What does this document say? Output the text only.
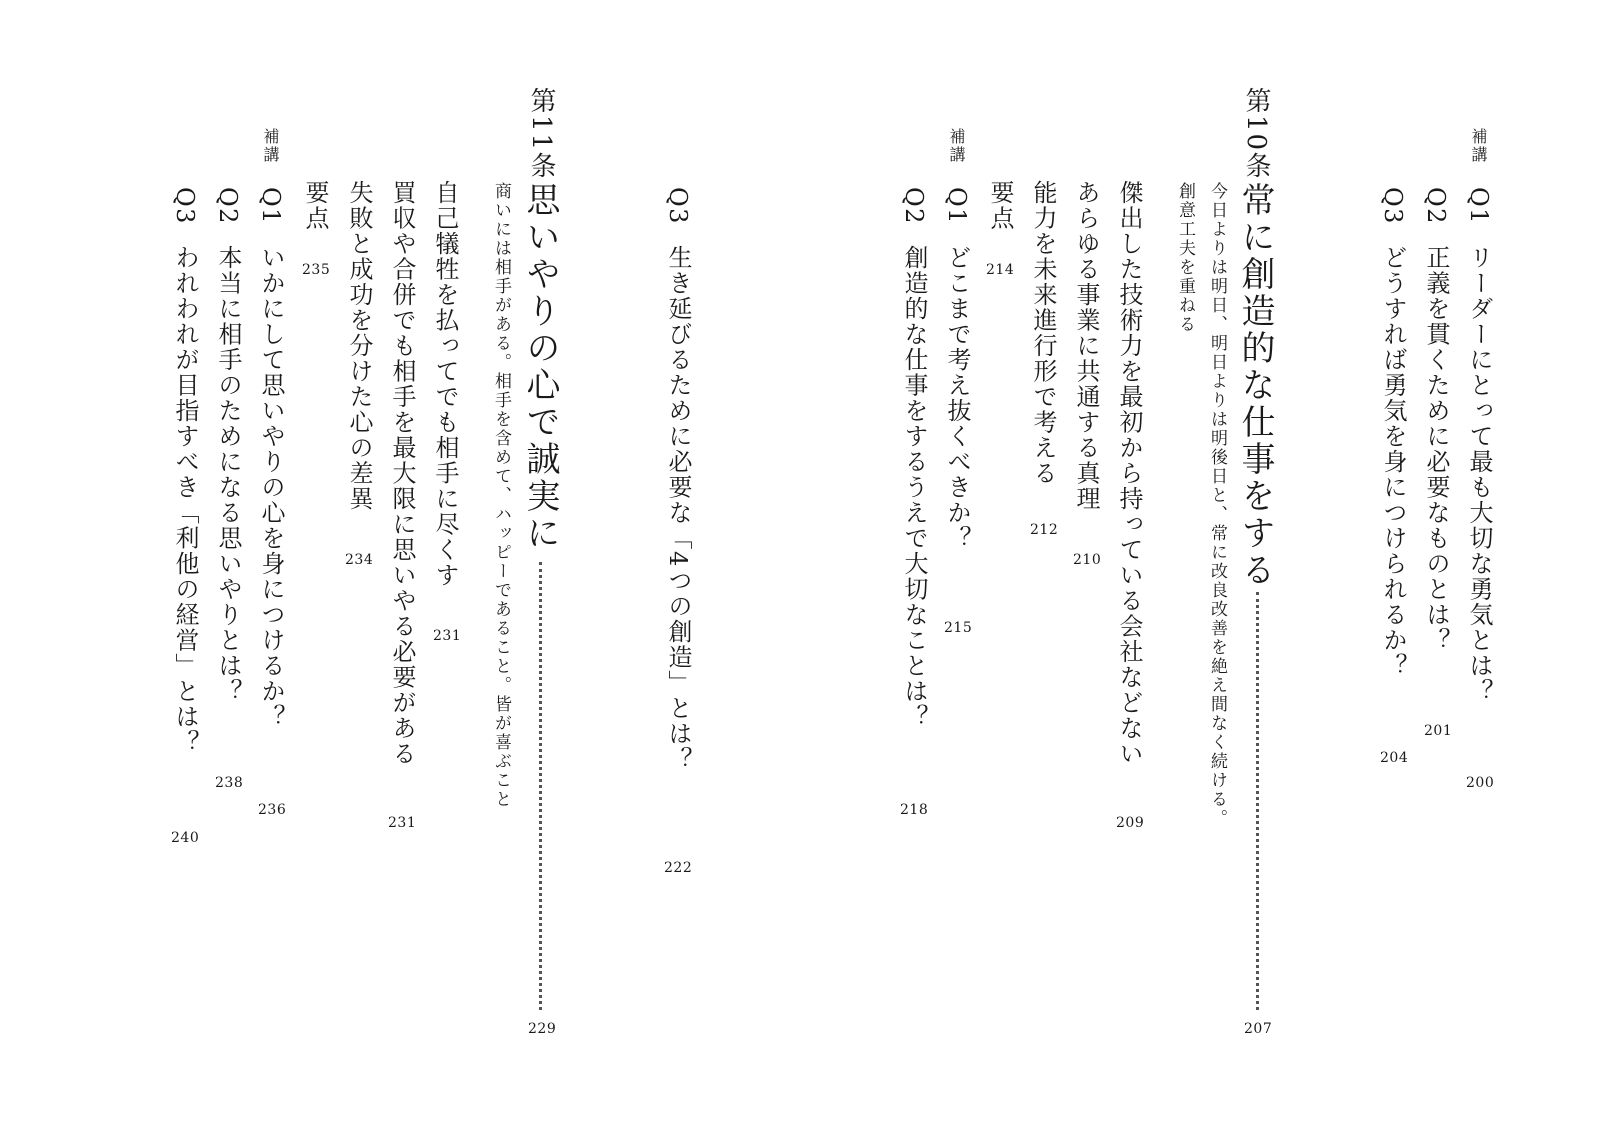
補講
Q1リーダーにとって最も大切な勇気とは？
200
Q2正義を貫くために必要なものとは？
201
Q3どうすれば勇気を身につけられるか？
204
第10条
常に創造的な仕事をする
207
今日よりは明日、明日よりは明後日と、常に改良改善を絶え間なく続ける。
創意工夫を重ねる
傑出した技術力を最初から持っている会社などない
209
あらゆる事業に共通する真理
210
能力を未来進行形で考える
212
要点
214
補講
Q1どこまで考え抜くべきか？
215
Q2創造的な仕事をするうえで大切なことは？
218
Q3生き延びるために必要な「4つの創造」とは？
222
第11条
思いやりの心で誠実に
229
商いには相手がある。相手を含めて、ハッピーであること。皆が喜ぶこと
自己犠牲を払ってでも相手に尽くす
231
買収や合併でも相手を最大限に思いやる必要がある
231
失敗と成功を分けた心の差異
234
要点
235
補講
Q1いかにして思いやりの心を身につけるか？
236
Q2本当に相手のためになる思いやりとは？
238
Q3われわれが目指すべき「利他の経営」とは？
240
